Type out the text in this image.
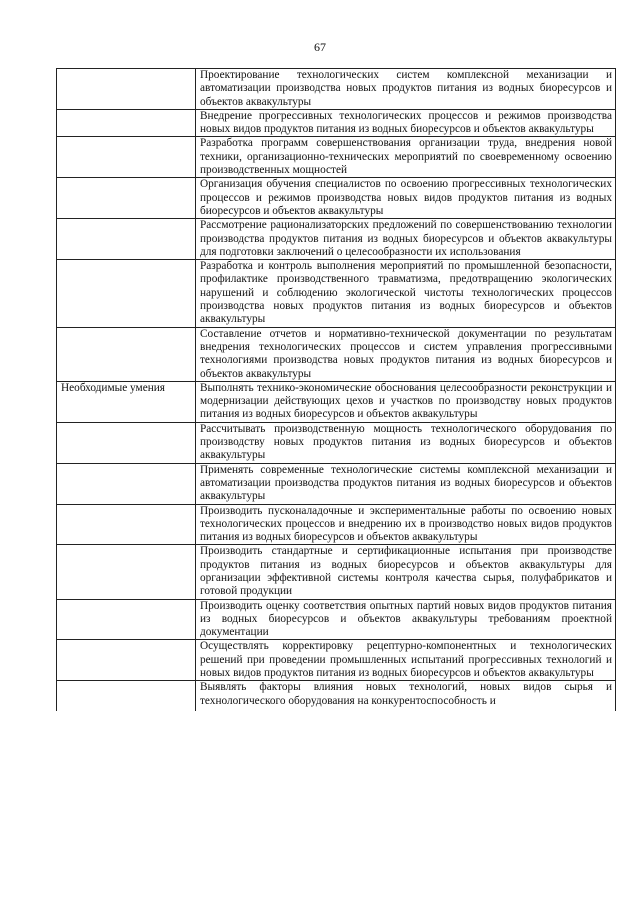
67
	Проектирование технологических систем комплексной механизации и автоматизации производства новых продуктов питания из водных биоресурсов и объектов аквакультуры
	Внедрение прогрессивных технологических процессов и режимов производства новых видов продуктов питания из водных биоресурсов и объектов аквакультуры
	Разработка программ совершенствования организации труда, внедрения новой техники, организационно-технических мероприятий по своевременному освоению производственных мощностей
	Организация обучения специалистов по освоению прогрессивных технологических процессов и режимов производства новых видов продуктов питания из водных биоресурсов и объектов аквакультуры
	Рассмотрение рационализаторских предложений по совершенствованию технологии производства продуктов питания из водных биоресурсов и объектов аквакультуры для подготовки заключений о целесообразности их использования
	Разработка и контроль выполнения мероприятий по промышленной безопасности, профилактике производственного травматизма, предотвращению экологических нарушений и соблюдению экологической чистоты технологических процессов производства новых продуктов питания из водных биоресурсов и объектов аквакультуры
	Составление отчетов и нормативно-технической документации по результатам внедрения технологических процессов и систем управления прогрессивными технологиями производства новых продуктов питания из водных биоресурсов и объектов аквакультуры
Необходимые умения	Выполнять технико-экономические обоснования целесообразности реконструкции и модернизации действующих цехов и участков по производству новых продуктов питания из водных биоресурсов и объектов аквакультуры
	Рассчитывать производственную мощность технологического оборудования по производству новых продуктов питания из водных биоресурсов и объектов аквакультуры
	Применять современные технологические системы комплексной механизации и автоматизации производства продуктов питания из водных биоресурсов и объектов аквакультуры
	Производить пусконаладочные и экспериментальные работы по освоению новых технологических процессов и внедрению их в производство новых видов продуктов питания из водных биоресурсов и объектов аквакультуры
	Производить стандартные и сертификационные испытания при производстве продуктов питания из водных биоресурсов и объектов аквакультуры для организации эффективной системы контроля качества сырья, полуфабрикатов и готовой продукции
	Производить оценку соответствия опытных партий новых видов продуктов питания из водных биоресурсов и объектов аквакультуры требованиям проектной документации
	Осуществлять корректировку рецептурно-компонентных и технологических решений при проведении промышленных испытаний прогрессивных технологий и новых видов продуктов питания из водных биоресурсов и объектов аквакультуры
	Выявлять факторы влияния новых технологий, новых видов сырья и технологического оборудования на конкурентоспособность и
